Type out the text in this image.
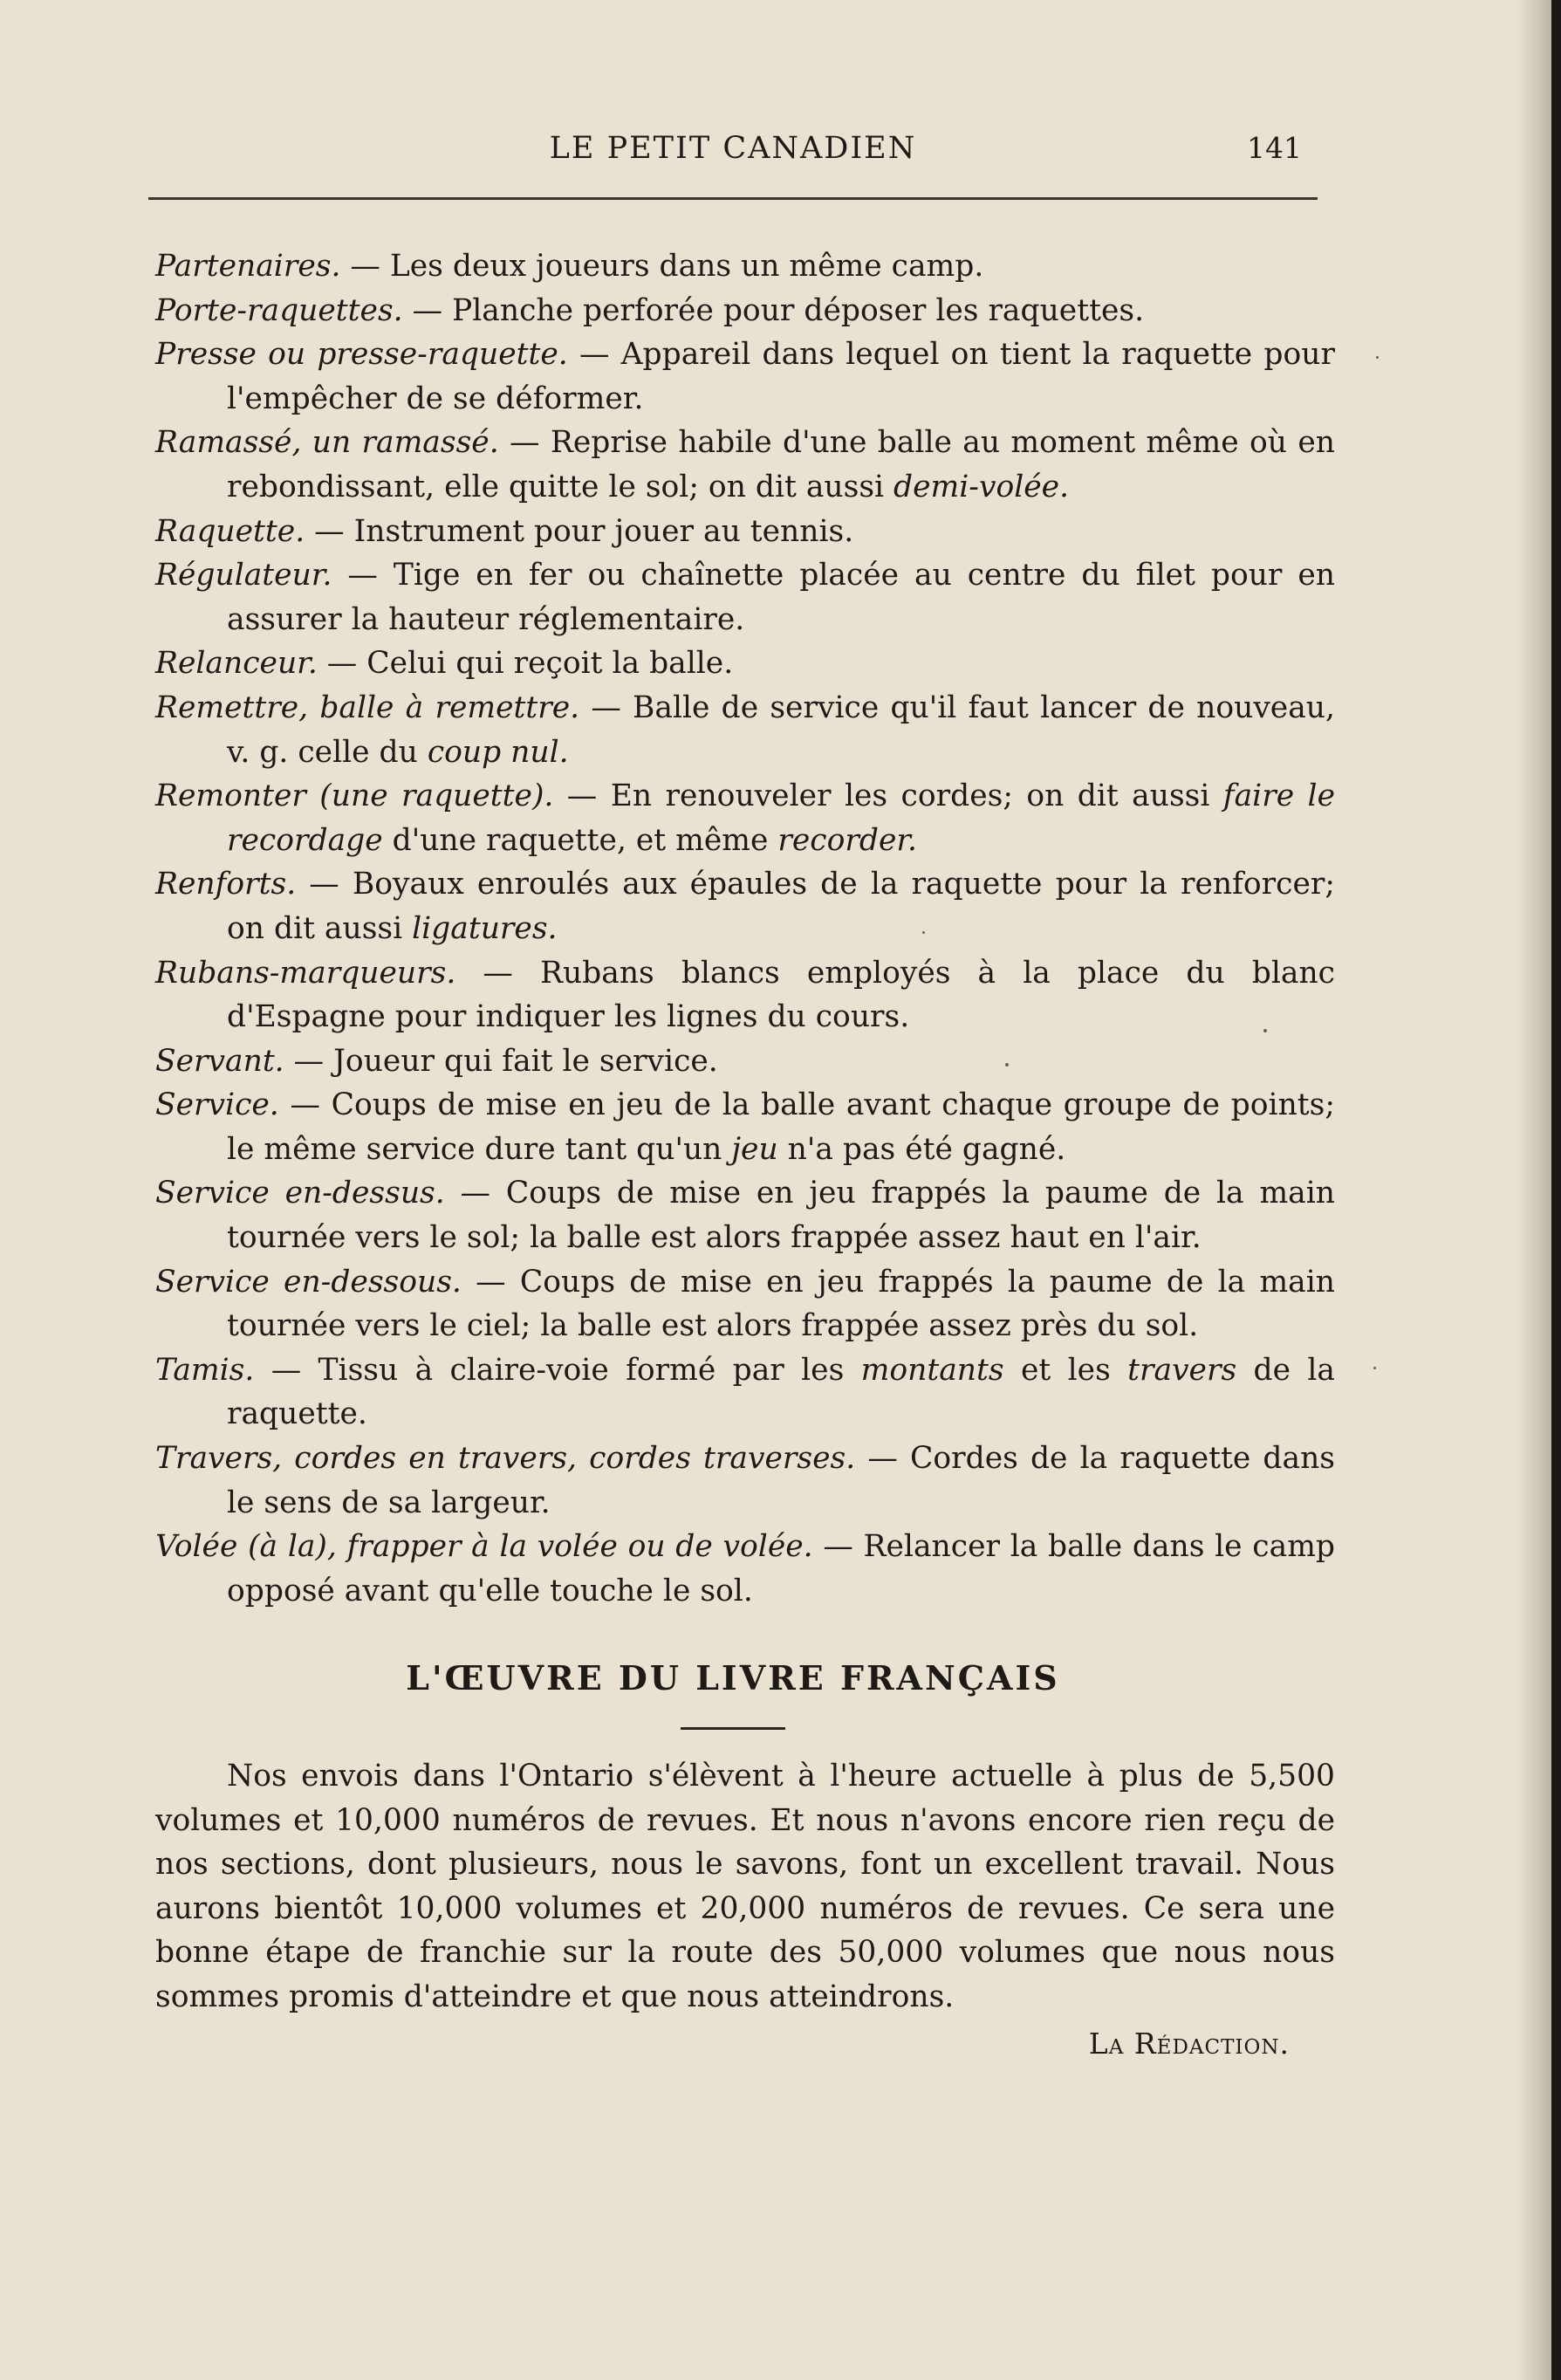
LE PETIT CANADIEN	141
Partenaires. — Les deux joueurs dans un même camp.
Porte-raquettes. — Planche perforée pour déposer les raquettes.
Presse ou presse-raquette. — Appareil dans lequel on tient la raquette pour l'empêcher de se déformer.
Ramassé, un ramassé. — Reprise habile d'une balle au moment même où en rebondissant, elle quitte le sol; on dit aussi demi-volée.
Raquette. — Instrument pour jouer au tennis.
Régulateur. — Tige en fer ou chaînette placée au centre du filet pour en assurer la hauteur réglementaire.
Relanceur. — Celui qui reçoit la balle.
Remettre, balle à remettre. — Balle de service qu'il faut lancer de nouveau, v. g. celle du coup nul.
Remonter (une raquette). — En renouveler les cordes; on dit aussi faire le recordage d'une raquette, et même recorder.
Renforts. — Boyaux enroulés aux épaules de la raquette pour la renforcer; on dit aussi ligatures.
Rubans-marqueurs. — Rubans blancs employés à la place du blanc d'Espagne pour indiquer les lignes du cours.
Servant. — Joueur qui fait le service.
Service. — Coups de mise en jeu de la balle avant chaque groupe de points; le même service dure tant qu'un jeu n'a pas été gagné.
Service en-dessus. — Coups de mise en jeu frappés la paume de la main tournée vers le sol; la balle est alors frappée assez haut en l'air.
Service en-dessous. — Coups de mise en jeu frappés la paume de la main tournée vers le ciel; la balle est alors frappée assez près du sol.
Tamis. — Tissu à claire-voie formé par les montants et les travers de la raquette.
Travers, cordes en travers, cordes traverses. — Cordes de la raquette dans le sens de sa largeur.
Volée (à la), frapper à la volée ou de volée. — Relancer la balle dans le camp opposé avant qu'elle touche le sol.
L'ŒUVRE DU LIVRE FRANÇAIS
Nos envois dans l'Ontario s'élèvent à l'heure actuelle à plus de 5,500 volumes et 10,000 numéros de revues. Et nous n'avons encore rien reçu de nos sections, dont plusieurs, nous le savons, font un excellent travail. Nous aurons bientôt 10,000 volumes et 20,000 numéros de revues. Ce sera une bonne étape de franchie sur la route des 50,000 volumes que nous nous sommes promis d'atteindre et que nous atteindrons.
La Rédaction.
